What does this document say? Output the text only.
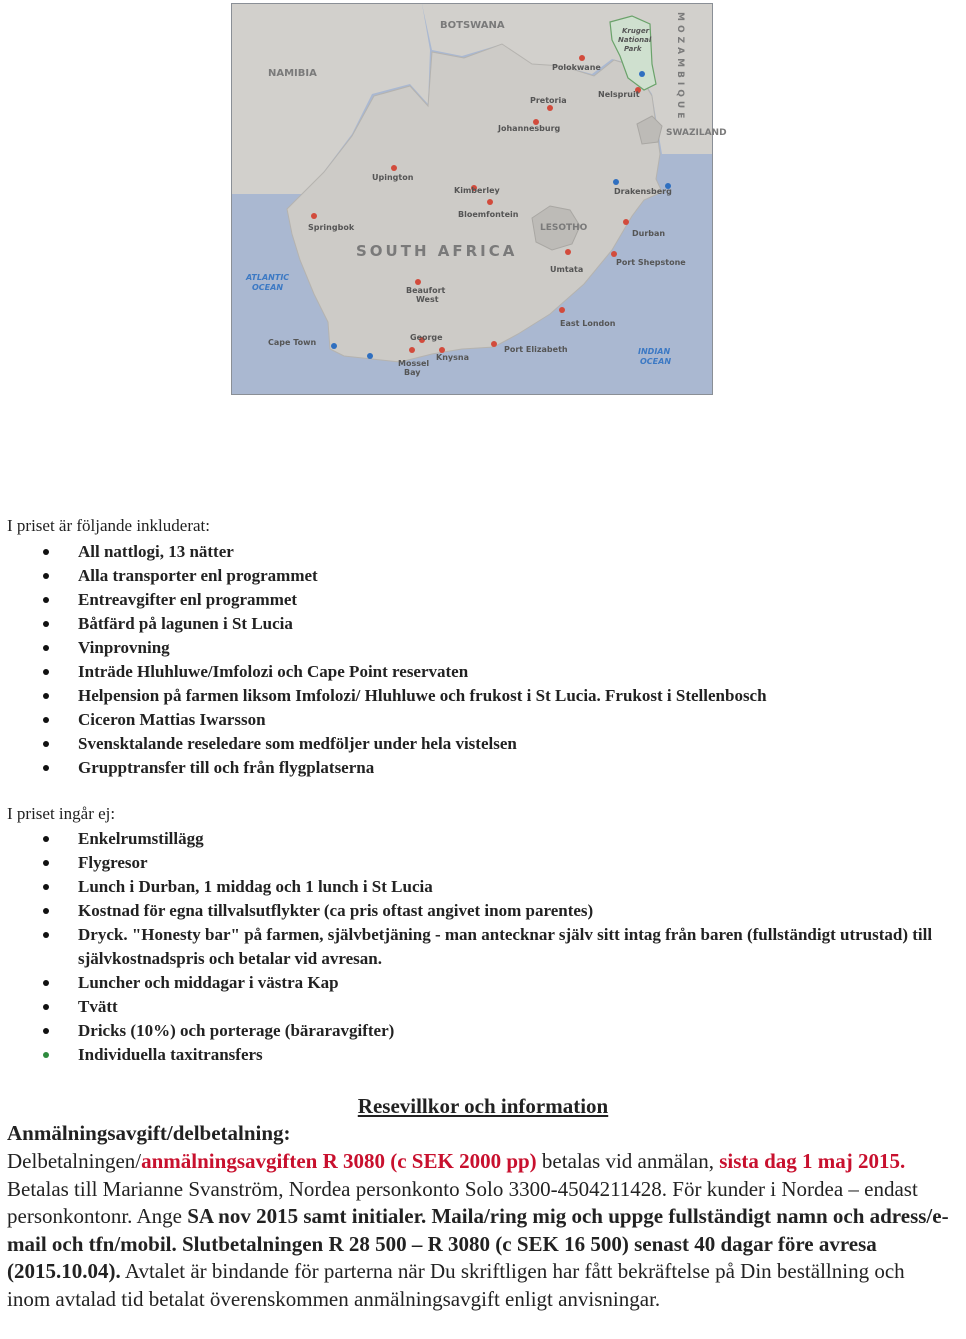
BOTSWANA
NAMIBIA
SOUTH AFRICA
LESOTHO
SWAZILAND
MOZAMBIQUE
Kruger
National
Park
Polokwane
Nelspruit
Pretoria
Johannesburg
Upington
Kimberley
Bloemfontein
Drakensberg
Springbok
Durban
Umtata
Port Shepstone
Beaufort
West
East London
George
Cape Town
Port Elizabeth
Mossel
Bay
Knysna
ATLANTIC
OCEAN
INDIAN
OCEAN

I priset är följande inkluderat:

All nattlogi, 13 nätter
Alla transporter enl programmet
Entreavgifter enl programmet
Båtfärd på lagunen i St Lucia
Vinprovning
Inträde Hluhluwe/Imfolozi och Cape Point reservaten
Helpension på farmen liksom Imfolozi/ Hluhluwe och frukost i St Lucia. Frukost i Stellenbosch
Ciceron Mattias Iwarsson
Svensktalande reseledare som medföljer under hela vistelsen
Grupptransfer till och från flygplatserna

I priset ingår ej:

Enkelrumstillägg
Flygresor
Lunch i Durban, 1 middag och 1 lunch i St Lucia
Kostnad för egna tillvalsutflykter (ca pris oftast angivet inom parentes)
Dryck. "Honesty bar" på farmen, självbetjäning - man antecknar själv sitt intag från baren (fullständigt utrustad) till självkostnadspris och betalar vid avresan.
Luncher och middagar i västra Kap
Tvätt
Dricks (10%) och porterage (bäraravgifter)
Individuella taxitransfers

Resevillkor och information

Anmälningsavgift/delbetalning:

Delbetalningen/anmälningsavgiften R 3080 (c SEK 2000 pp) betalas vid anmälan, sista dag 1 maj 2015. Betalas till Marianne Svanström, Nordea personkonto Solo 3300-4504211428. För kunder i Nordea – endast personkontonr. Ange SA nov 2015 samt initialer. Maila/ring mig och uppge fullständigt namn och adress/e-mail och tfn/mobil. Slutbetalningen R 28 500 – R 3080 (c SEK 16 500) senast 40 dagar före avresa (2015.10.04). Avtalet är bindande för parterna när Du skriftligen har fått bekräftelse på Din beställning och inom avtalad tid betalat överenskommen anmälningsavgift enligt anvisningar.
